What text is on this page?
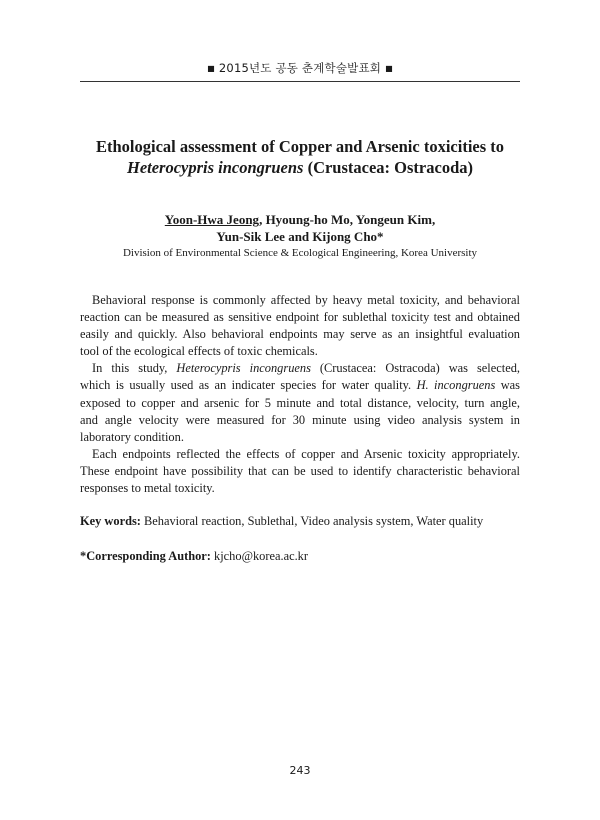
■ 2015년도 공동 춘계학술발표회 ■
Ethological assessment of Copper and Arsenic toxicities to
Heterocypris incongruens (Crustacea: Ostracoda)
Yoon-Hwa Jeong, Hyoung-ho Mo, Yongeun Kim,
Yun-Sik Lee and Kijong Cho*
Division of Environmental Science & Ecological Engineering, Korea University

Behavioral response is commonly affected by heavy metal toxicity, and behavioral
reaction can be measured as sensitive endpoint for sublethal toxicity test and obtained
easily and quickly. Also behavioral endpoints may serve as an insightful evaluation
tool of the ecological effects of toxic chemicals.

In this study, Heterocypris incongruens (Crustacea: Ostracoda) was selected,
which is usually used as an indicater species for water quality. H. incongruens was
exposed to copper and arsenic for 5 minute and total distance, velocity, turn angle,
and angle velocity were measured for 30 minute using video analysis system in
laboratory condition.

Each endpoints reflected the effects of copper and Arsenic toxicity appropriately.
These endpoint have possibility that can be used to identify characteristic behavioral
responses to metal toxicity.

Key words: Behavioral reaction, Sublethal, Video analysis system, Water quality
*Corresponding Author: kjcho@korea.ac.kr
243
